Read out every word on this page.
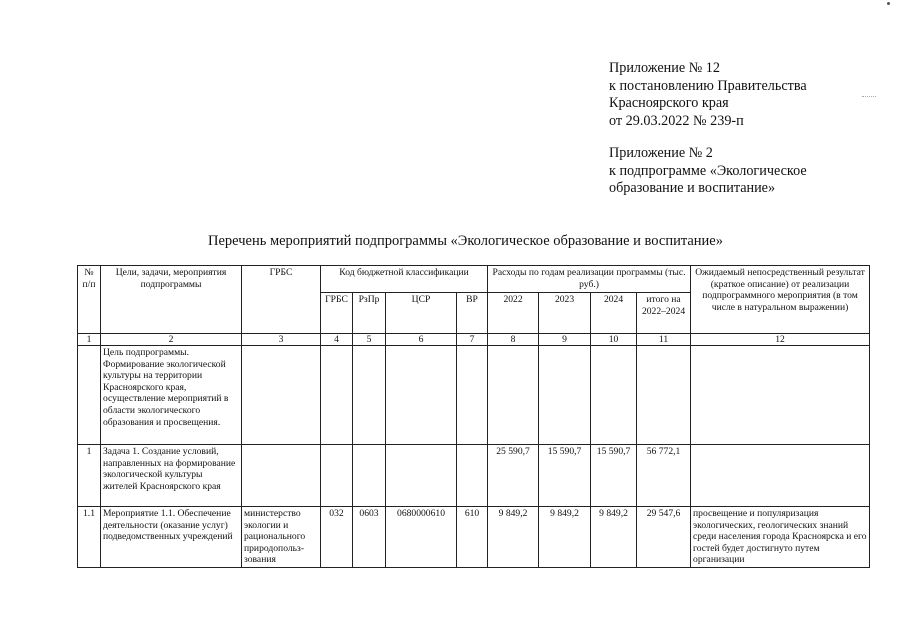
Приложение № 12
к постановлению Правительства
Красноярского края
от 29.03.2022 № 239-п
Приложение № 2
к подпрограмме «Экологическое
образование и воспитание»
Перечень мероприятий подпрограммы «Экологическое образование и воспитание»
№ п/п	Цели, задачи, мероприятия подпрограммы	ГРБС	Код бюджетной классификации				Расходы по годам реализации программы (тыс. руб.)				Ожидаемый непосредственный результат (краткое описание) от реализации подпрограммного мероприятия (в том числе в натуральном выражении)
			ГРБС	РзПр	ЦСР	ВР	2022	2023	2024	итого на 2022–2024	
1	2	3	4	5	6	7	8	9	10	11	12
	Цель подпрограммы. Формирование экологической культуры на территории Красноярского края, осуществление мероприятий в области экологического образования и просвещения.										
1	Задача 1. Создание условий, направленных на формирование экологической культуры жителей Красноярского края						25 590,7	15 590,7	15 590,7	56 772,1	
1.1	Мероприятие 1.1. Обеспечение деятельности (оказание услуг) подведомственных учреждений	министерство экологии и рационального природопольз-зования	032	0603	0680000610	610	9 849,2	9 849,2	9 849,2	29 547,6	просвещение и популяризация экологических, геологических знаний среди населения города Красноярска и его гостей будет достигнуто путем организации
